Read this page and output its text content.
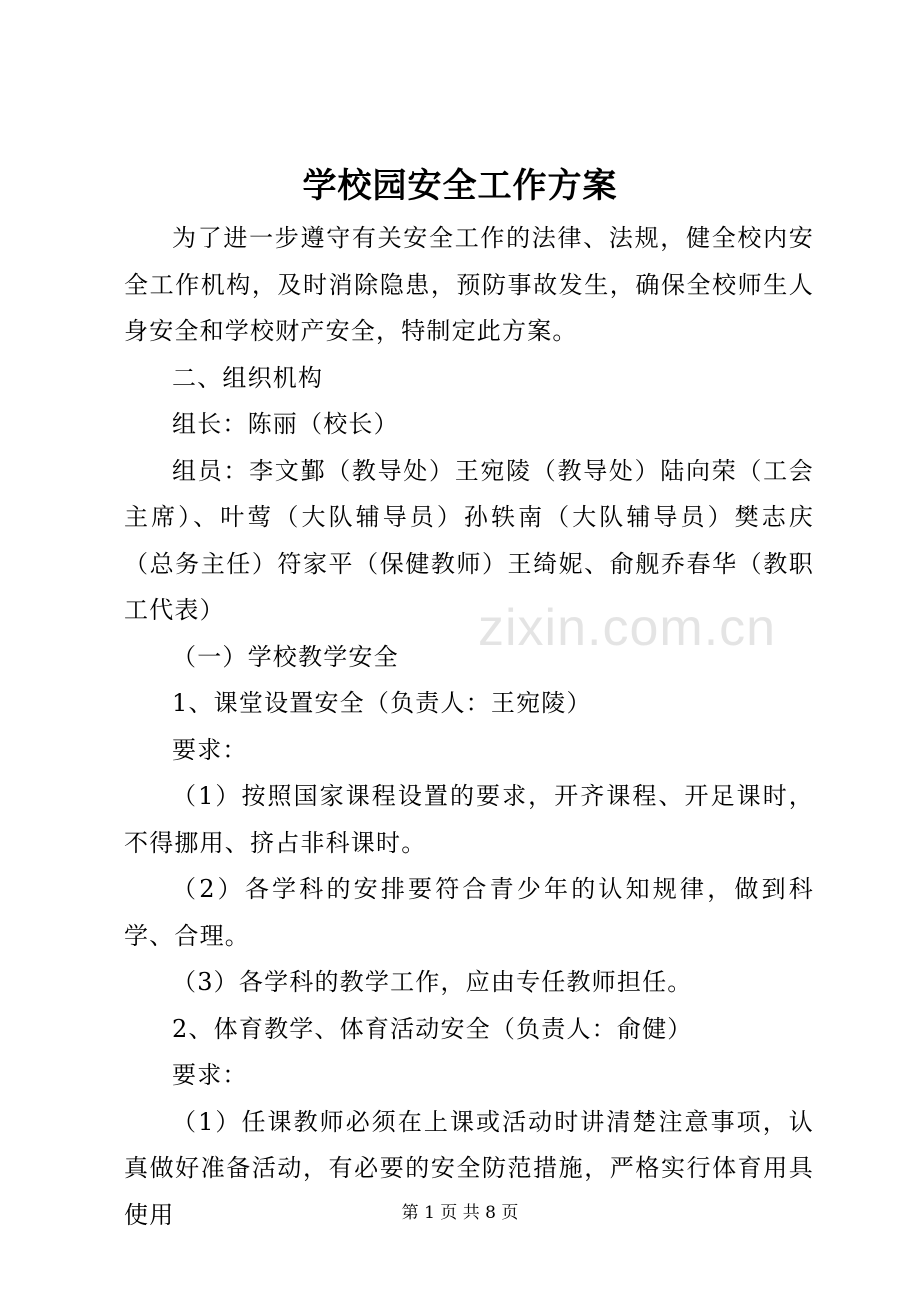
学校园安全工作方案

为了进一步遵守有关安全工作的法律、法规，健全校内安全工作机构，及时消除隐患，预防事故发生，确保全校师生人身安全和学校财产安全，特制定此方案。

二、组织机构

组长：陈丽（校长）

组员：李文鄞（教导处）王宛陵（教导处）陆向荣（工会主席）、叶莺（大队辅导员）孙轶南（大队辅导员）樊志庆（总务主任）符家平（保健教师）王绮妮、俞舰乔春华（教职工代表）

（一）学校教学安全

1、课堂设置安全（负责人：王宛陵）

要求：

（1）按照国家课程设置的要求，开齐课程、开足课时，不得挪用、挤占非科课时。

（2）各学科的安排要符合青少年的认知规律，做到科学、合理。

（3）各学科的教学工作，应由专任教师担任。

2、体育教学、体育活动安全（负责人：俞健）

要求：

（1）任课教师必须在上课或活动时讲清楚注意事项，认真做好准备活动，有必要的安全防范措施，严格实行体育用具使用

zixin.com.cn
第 1 页 共 8 页
